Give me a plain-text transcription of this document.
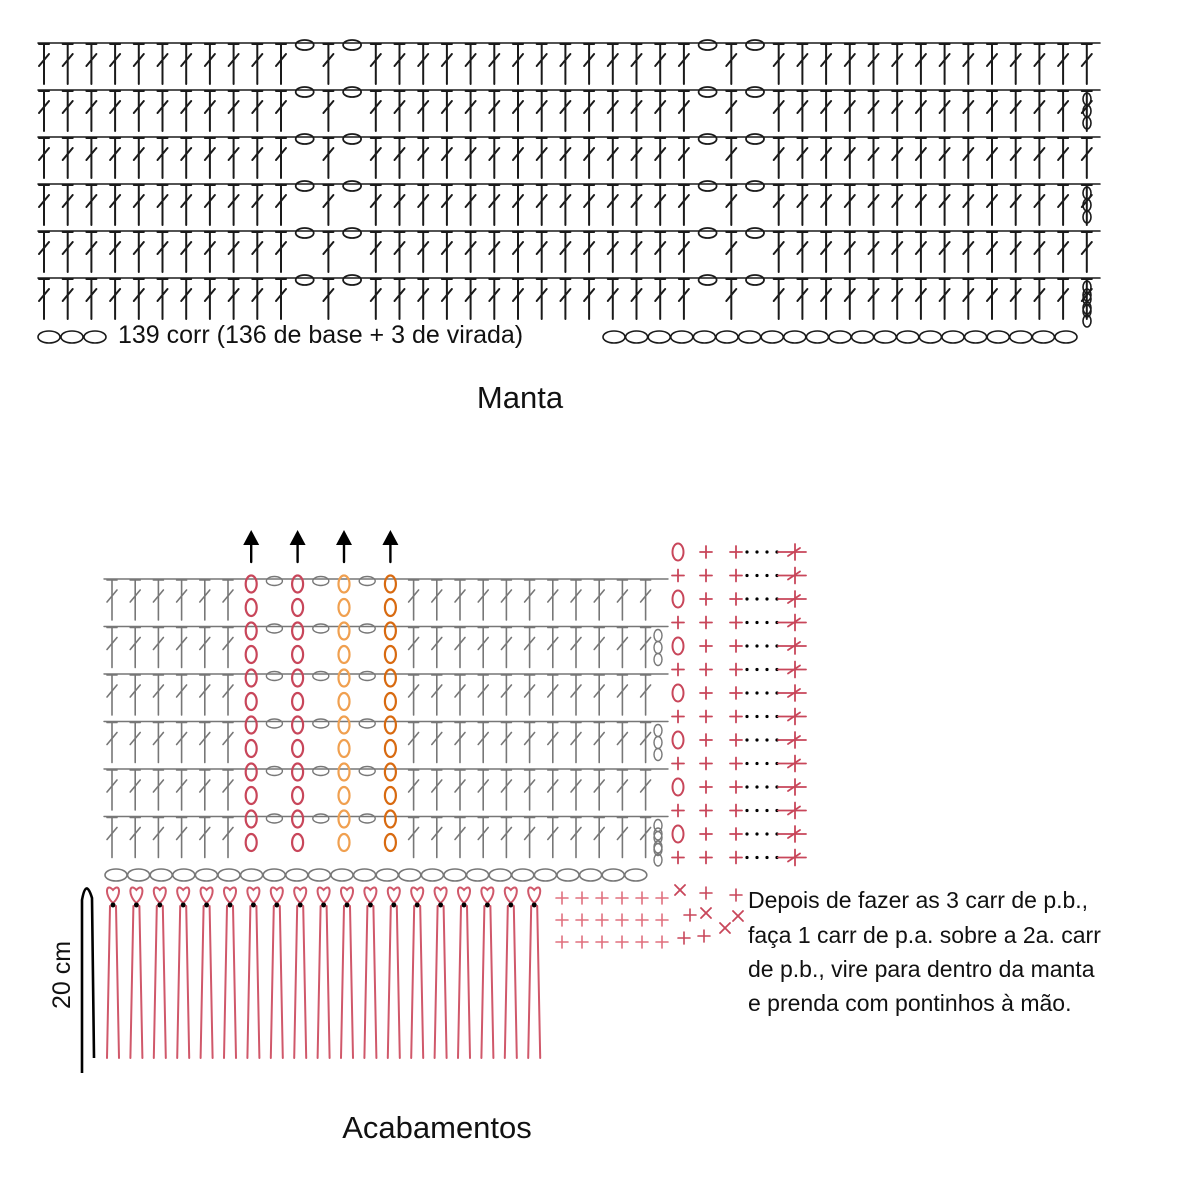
139 corr (136 de base + 3 de virada)
Manta
20 cm
Depois de fazer as 3 carr de p.b.,
faça 1 carr de p.a. sobre a 2a. carr
de p.b., vire para dentro da manta
e prenda com pontinhos à mão.
Acabamentos
